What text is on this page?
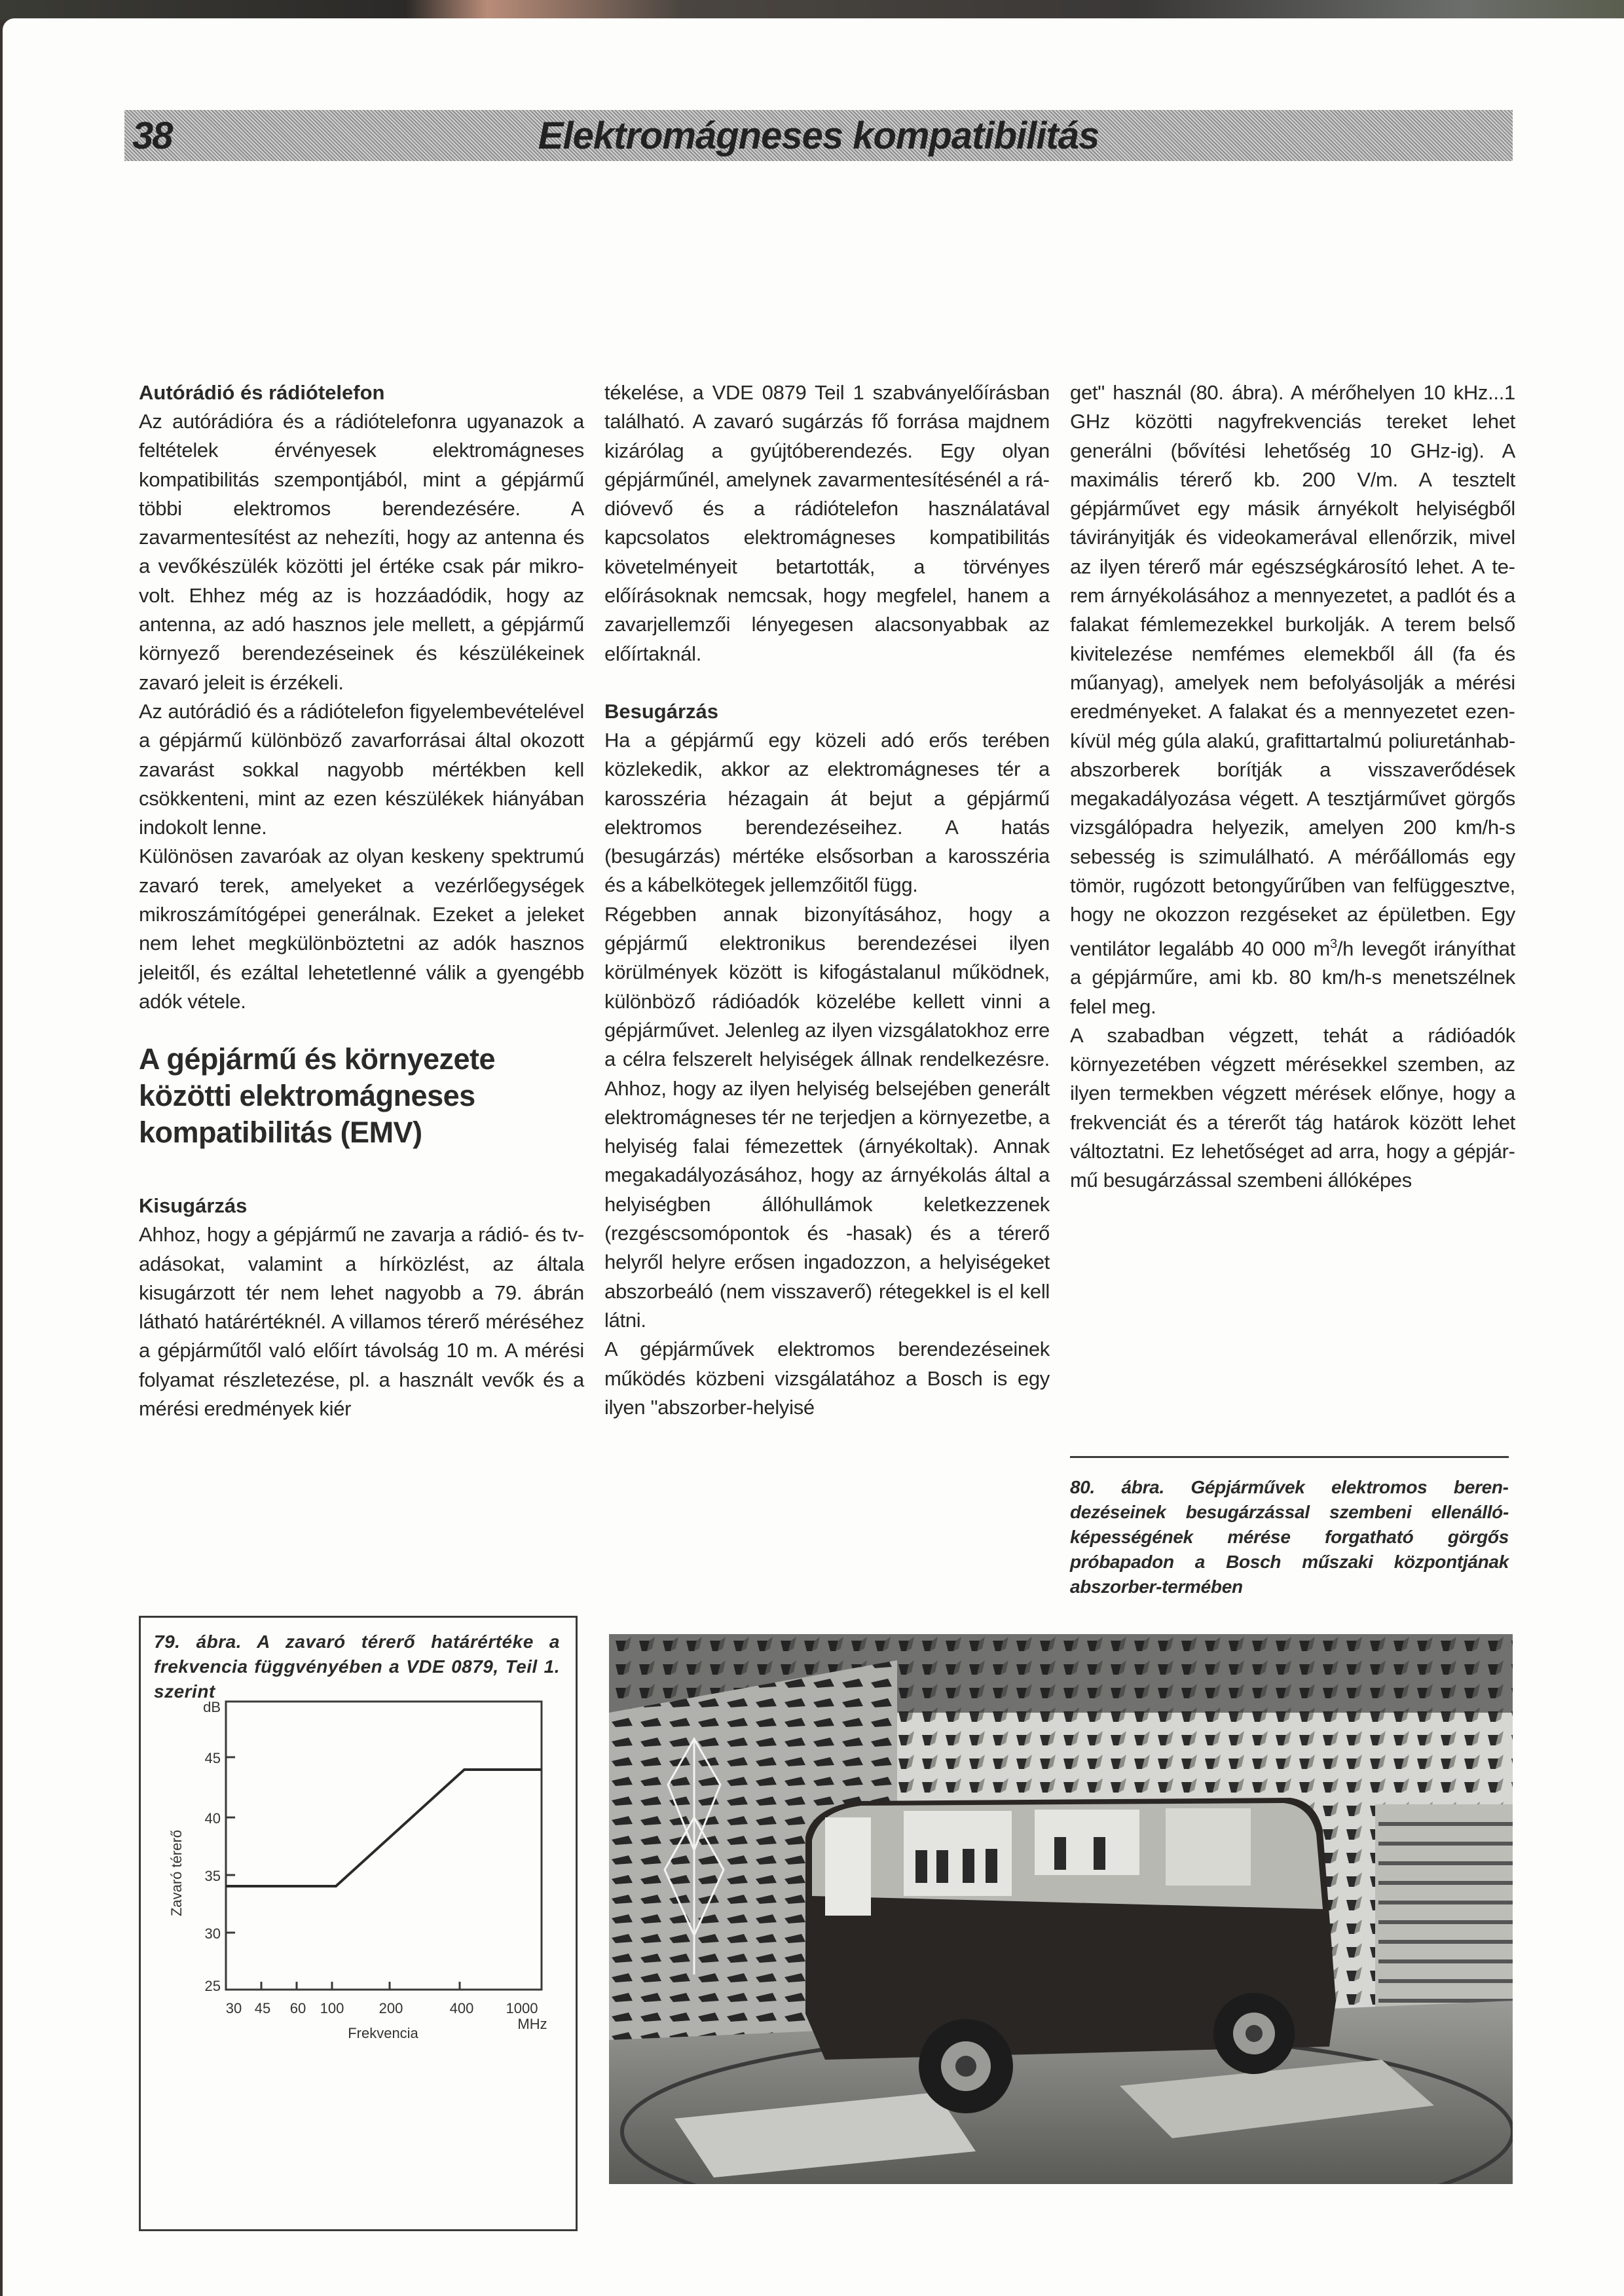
38	Elektromágneses kompatibilitás
Autórádió és rádiótelefon

Az autórádióra és a rádiótelefonra ugyanazok a feltételek érvényesek elektromágneses kompatibilitás szempontjából, mint a gépjármű többi elektromos berendezésére. A zavarmentesítést az nehezíti, hogy az antenna és a vevőkészülék közötti jel értéke csak pár mikrovolt. Ehhez még az is hozzáadódik, hogy az antenna, az adó hasznos jele mellett, a gépjármű környező berendezéseinek és készülékeinek zavaró jeleit is érzékeli.

Az autórádió és a rádiótelefon figyelembevételével a gépjármű különböző zavarforrásai által okozott zavarást sokkal nagyobb mértékben kell csökkenteni, mint az ezen készülékek hiányában indokolt lenne.

Különösen zavaróak az olyan keskeny spektrumú zavaró terek, amelyeket a vezérlőegységek mikroszámítógépei generálnak. Ezeket a jeleket nem lehet megkülönböztetni az adók hasznos jeleitől, és ezáltal lehetetlenné válik a gyengébb adók vétele.

A gépjármű és környezete közötti elektromágneses kompatibilitás (EMV)
Kisugárzás

Ahhoz, hogy a gépjármű ne zavarja a rádió- és tv-adásokat, valamint a hírközlést, az általa kisugárzott tér nem lehet nagyobb a 79. ábrán látható határértéknél. A villamos térerő méréséhez a gépjárműtől való előírt távolság 10 m. A mérési folyamat részletezése, pl. a használt vevők és a mérési eredmények kiér

tékelése, a VDE 0879 Teil 1 szabványelőírásban található. A zavaró sugárzás fő forrása majdnem kizárólag a gyújtóberendezés. Egy olyan gépjárműnél, amelynek zavarmentesítésénél a rádióvevő és a rádiótelefon használatával kapcsolatos elektromágneses kompatibilitás követelményeit betartották, a törvényes előírásoknak nemcsak, hogy megfelel, hanem a zavarjellemzői lényegesen alacsonyabbak az előírtaknál.

Besugárzás

Ha a gépjármű egy közeli adó erős terében közlekedik, akkor az elektromágneses tér a karosszéria hézagain át bejut a gépjármű elektromos berendezéseihez. A hatás (besugárzás) mértéke elsősorban a karosszéria és a kábelkötegek jellemzőitől függ.

Régebben annak bizonyításához, hogy a gépjármű elektronikus berendezései ilyen körülmények között is kifogástalanul működnek, különböző rádióadók közelébe kellett vinni a gépjárművet. Jelenleg az ilyen vizsgálatokhoz erre a célra felszerelt helyiségek állnak rendelkezésre. Ahhoz, hogy az ilyen helyiség belsejében generált elektromágneses tér ne terjedjen a környezetbe, a helyiség falai fémezettek (árnyékoltak). Annak megakadályozásához, hogy az árnyékolás által a helyiségben állóhullámok keletkezzenek (rezgéscsomópontok és -hasak) és a térerő helyről helyre erősen ingadozzon, a helyiségeket abszorbeáló (nem visszaverő) rétegekkel is el kell látni.

A gépjárművek elektromos berendezéseinek működés közbeni vizsgálatához a Bosch is egy ilyen "abszorber-helyisé

get" használ (80. ábra). A mérőhelyen 10 kHz...1 GHz közötti nagyfrekvenciás tereket lehet generálni (bővítési lehetőség 10 GHz-ig). A maximális térerő kb. 200 V/m. A tesztelt gépjárművet egy másik árnyékolt helyiségből távirányitják és videokamerával ellenőrzik, mivel az ilyen térerő már egészségkárosító lehet. A terem árnyékolásához a mennyezetet, a padlót és a falakat fémlemezekkel burkolják. A terem belső kivitelezése nemfémes elemekből áll (fa és műanyag), amelyek nem befolyásolják a mérési eredményeket. A falakat és a mennyezetet ezenkívül még gúla alakú, grafittartalmú poliuretánhab-abszorberek borítják a visszaverődések megakadályozása végett. A tesztjárművet görgős vizsgálópadra helyezik, amelyen 200 km/h-s sebesség is szimulálható. A mérőállomás egy tömör, rugózott betongyűrűben van felfüggesztve, hogy ne okozzon rezgéseket az épületben. Egy ventilátor legalább 40 000 $m^3/h$ levegőt irányíthat a gépjárműre, ami kb. 80 km/h-s menetszélnek felel meg.

A szabadban végzett, tehát a rádióadók környezetében végzett mérésekkel szemben, az ilyen termekben végzett mérések előnye, hogy a frekvenciát és a térerőt tág határok között lehet változtatni. Ez lehetőséget ad arra, hogy a gépjármű besugárzással szembeni állóképes

80. ábra. Gépjárművek elektromos berendezéseinek besugárzással szembeni ellenálló-képességének mérése forgatható görgős próbapadon a Bosch műszaki központjának abszorber-termében

79. ábra. A zavaró térerő határértéke a frekvencia függvényében a VDE 0879, Teil 1. szerint

dB
45
40
35
30
25
30 45 60 100 200	400 1000
MHz
Frekvencia
Zavaró térerő
